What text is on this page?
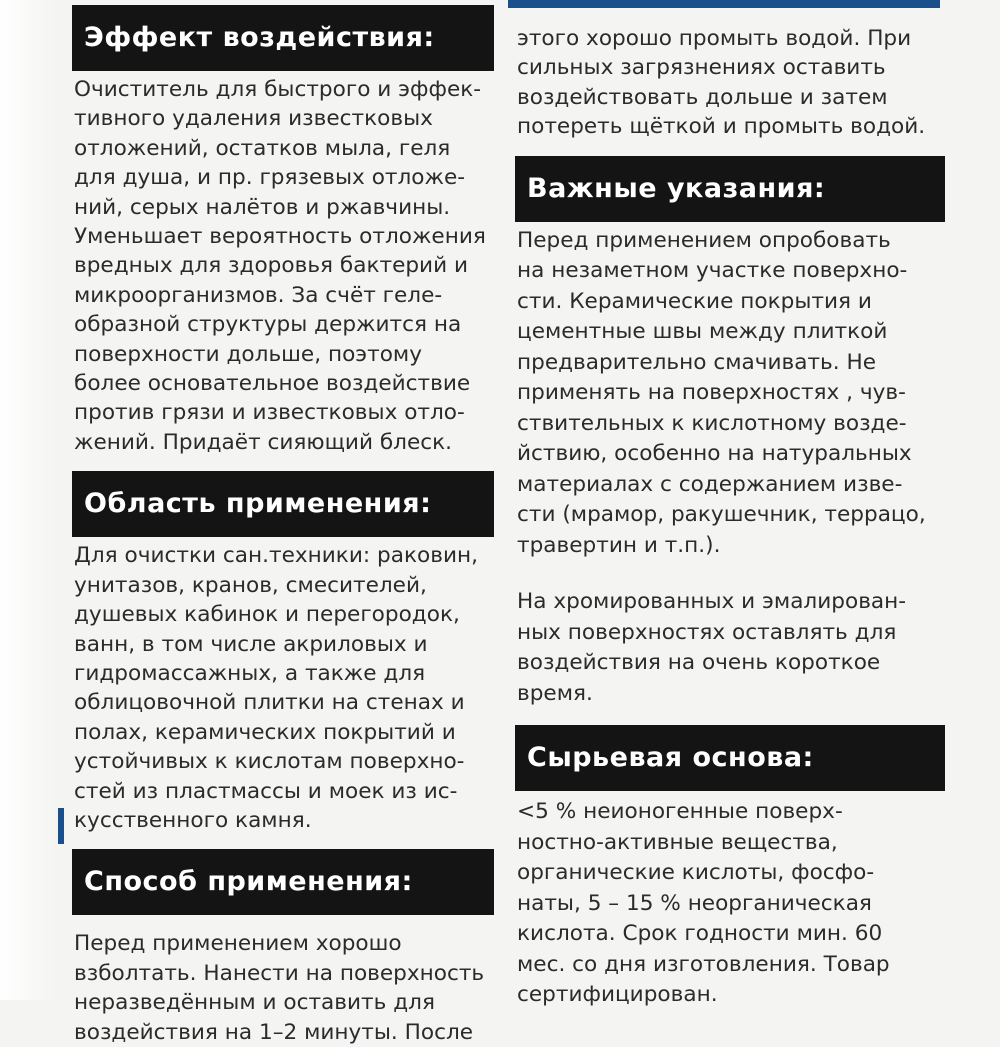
Эффект воздействия:

Очиститель для быстрого и эффек-
тивного удаления известковых
отложений, остатков мыла, геля
для душа, и пр. грязевых отложе-
ний, серых налётов и ржавчины.
Уменьшает вероятность отложения
вредных для здоровья бактерий и
микроорганизмов. За счёт геле-
образной структуры держится на
поверхности дольше, поэтому
более основательное воздействие
против грязи и известковых отло-
жений. Придаёт сияющий блеск.

Область применения:

Для очистки сан.техники: раковин,
унитазов, кранов, смесителей,
душевых кабинок и перегородок,
ванн, в том числе акриловых и
гидромассажных, а также для
облицовочной плитки на стенах и
полах, керамических покрытий и
устойчивых к кислотам поверхно-
стей из пластмассы и моек из ис-
кусственного камня.

Способ применения:

Перед применением хорошо
взболтать. Нанести на поверхность
неразведённым и оставить для
воздействия на 1–2 минуты. После

этого хорошо промыть водой. При
сильных загрязнениях оставить
воздействовать дольше и затем
потереть щёткой и промыть водой.

Важные указания:

Перед применением опробовать
на незаметном участке поверхно-
сти. Керамические покрытия и
цементные швы между плиткой
предварительно смачивать. Не
применять на поверхностях , чув-
ствительных к кислотному возде-
йствию, особенно на натуральных
материалах с содержанием изве-
сти (мрамор, ракушечник, террацо,
травертин и т.п.).

На хромированных и эмалирован-
ных поверхностях оставлять для
воздействия на очень короткое
время.

Сырьевая основа:

<5 % неионогенные поверх-
ностно-активные вещества,
органические кислоты, фосфо-
наты, 5 – 15 % неорганическая
кислота. Срок годности мин. 60
мес. со дня изготовления. Товар
сертифицирован.
